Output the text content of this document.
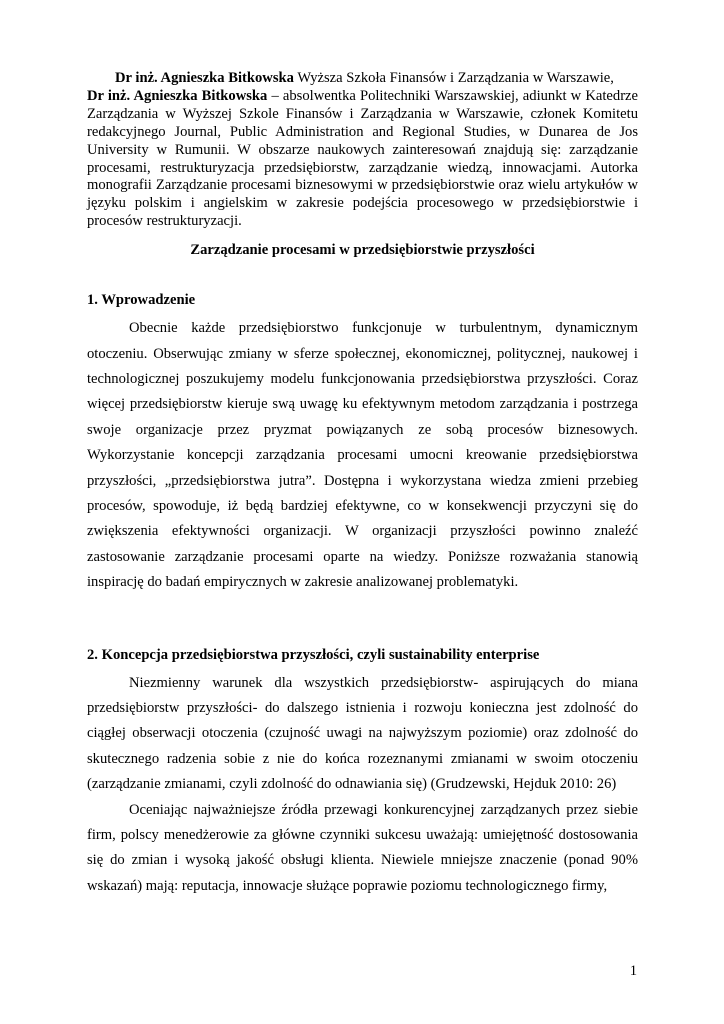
Dr inż. Agnieszka Bitkowska Wyższa Szkoła Finansów i Zarządzania w Warszawie,
Dr inż. Agnieszka Bitkowska – absolwentka Politechniki Warszawskiej, adiunkt w Katedrze Zarządzania w Wyższej Szkole Finansów i Zarządzania w Warszawie, członek Komitetu redakcyjnego Journal, Public Administration and Regional Studies, w Dunarea de Jos University w Rumunii. W obszarze naukowych zainteresowań znajdują się: zarządzanie procesami, restrukturyzacja przedsiębiorstw, zarządzanie wiedzą, innowacjami. Autorka monografii Zarządzanie procesami biznesowymi w przedsiębiorstwie oraz wielu artykułów w języku polskim i angielskim w zakresie podejścia procesowego w przedsiębiorstwie i procesów restrukturyzacji.

Zarządzanie procesami w przedsiębiorstwie przyszłości

1. Wprowadzenie

Obecnie każde przedsiębiorstwo funkcjonuje w turbulentnym, dynamicznym otoczeniu. Obserwując zmiany w sferze społecznej, ekonomicznej, politycznej, naukowej i technologicznej poszukujemy modelu funkcjonowania przedsiębiorstwa przyszłości. Coraz więcej przedsiębiorstw kieruje swą uwagę ku efektywnym metodom zarządzania i postrzega swoje organizacje przez pryzmat powiązanych ze sobą procesów biznesowych. Wykorzystanie koncepcji zarządzania procesami umocni kreowanie przedsiębiorstwa przyszłości, „przedsiębiorstwa jutra”. Dostępna i wykorzystana wiedza zmieni przebieg procesów, spowoduje, iż będą bardziej efektywne, co w konsekwencji przyczyni się do zwiększenia efektywności organizacji. W organizacji przyszłości powinno znaleźć zastosowanie zarządzanie procesami oparte na wiedzy. Poniższe rozważania stanowią inspirację do badań empirycznych w zakresie analizowanej problematyki.

2. Koncepcja przedsiębiorstwa przyszłości, czyli sustainability enterprise

Niezmienny warunek dla wszystkich przedsiębiorstw- aspirujących do miana przedsiębiorstw przyszłości- do dalszego istnienia i rozwoju konieczna jest zdolność do ciągłej obserwacji otoczenia (czujność uwagi na najwyższym poziomie) oraz zdolność do skutecznego radzenia sobie z nie do końca rozeznanymi zmianami w swoim otoczeniu (zarządzanie zmianami, czyli zdolność do odnawiania się) (Grudzewski, Hejduk 2010: 26)

Oceniając najważniejsze źródła przewagi konkurencyjnej zarządzanych przez siebie firm, polscy menedżerowie za główne czynniki sukcesu uważają: umiejętność dostosowania się do zmian i wysoką jakość obsługi klienta. Niewiele mniejsze znaczenie (ponad 90% wskazań) mają: reputacja, innowacje służące poprawie poziomu technologicznego firmy,

1
